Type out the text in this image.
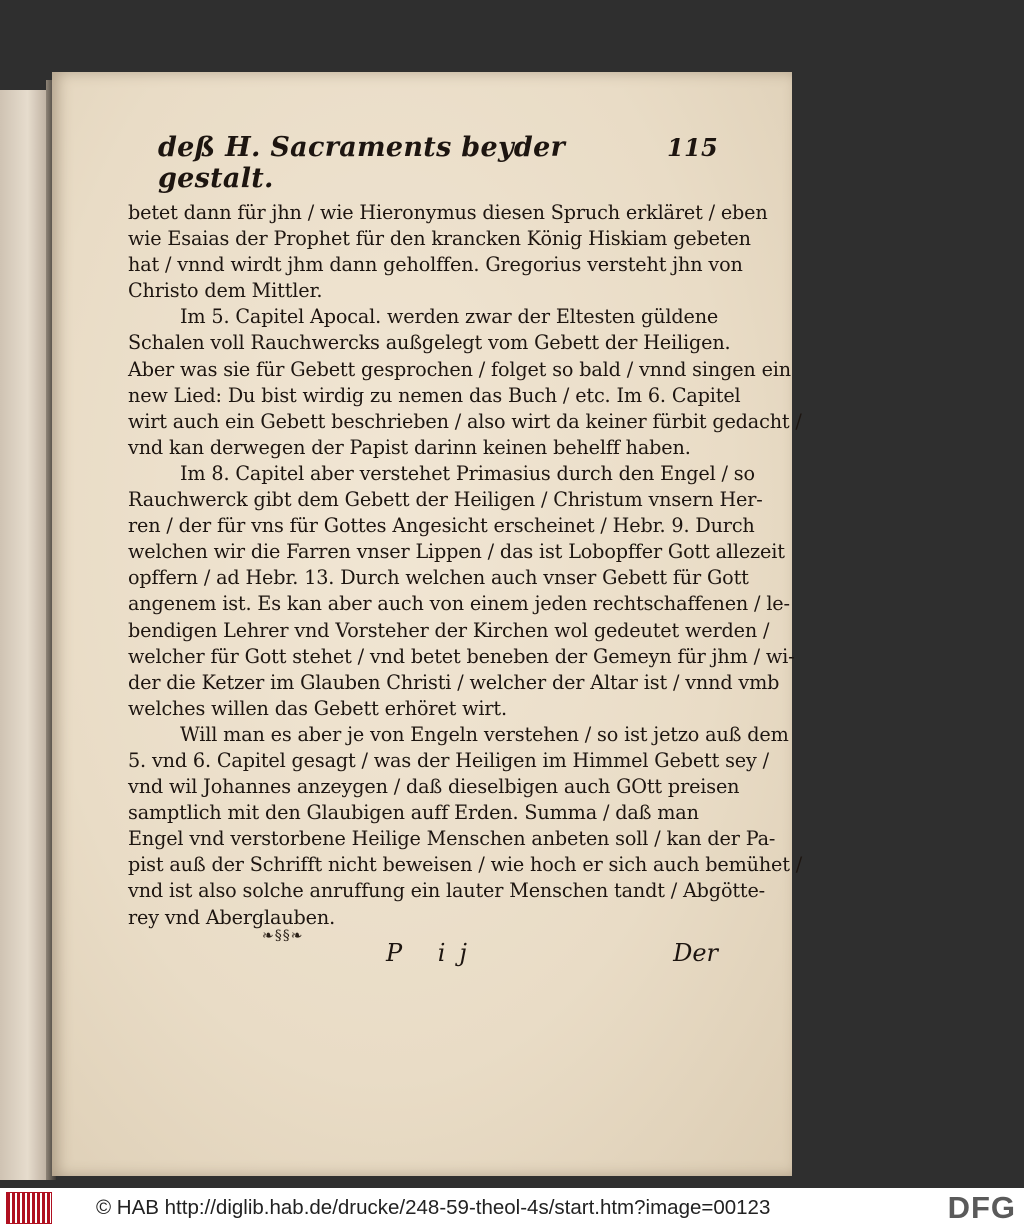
deß H. Sacraments beyder gestalt.
115
betet dann für jhn / wie Hieronymus diesen Spruch erkläret / eben
wie Esaias der Prophet für den krancken König Hiskiam gebeten
hat / vnnd wirdt jhm dann geholffen. Gregorius versteht jhn von
Christo dem Mittler.
Im 5. Capitel Apocal. werden zwar der Eltesten güldene
Schalen voll Rauchwercks außgelegt vom Gebett der Heiligen.
Aber was sie für Gebett gesprochen / folget so bald / vnnd singen ein
new Lied: Du bist wirdig zu nemen das Buch / etc. Im 6. Capitel
wirt auch ein Gebett beschrieben / also wirt da keiner fürbit gedacht /
vnd kan derwegen der Papist darinn keinen behelff haben.
Im 8. Capitel aber verstehet Primasius durch den Engel / so
Rauchwerck gibt dem Gebett der Heiligen / Christum vnsern Her-
ren / der für vns für Gottes Angesicht erscheinet / Hebr. 9. Durch
welchen wir die Farren vnser Lippen / das ist Lobopffer Gott allezeit
opffern / ad Hebr. 13. Durch welchen auch vnser Gebett für Gott
angenem ist. Es kan aber auch von einem jeden rechtschaffenen / le-
bendigen Lehrer vnd Vorsteher der Kirchen wol gedeutet werden /
welcher für Gott stehet / vnd betet beneben der Gemeyn für jhm / wi-
der die Ketzer im Glauben Christi / welcher der Altar ist / vnnd vmb
welches willen das Gebett erhöret wirt.
Will man es aber je von Engeln verstehen / so ist jetzo auß dem
5. vnd 6. Capitel gesagt / was der Heiligen im Himmel Gebett sey /
vnd wil Johannes anzeygen / daß dieselbigen auch GOtt preisen
samptlich mit den Glaubigen auff Erden. Summa / daß man
Engel vnd verstorbene Heilige Menschen anbeten soll / kan der Pa-
pist auß der Schrifft nicht beweisen / wie hoch er sich auch bemühet /
vnd ist also solche anruffung ein lauter Menschen tandt / Abgötte-
rey vnd Aberglauben.
P ij	Der
❧§§❧
© HAB http://diglib.hab.de/drucke/248-59-theol-4s/start.htm?image=00123	DFG
